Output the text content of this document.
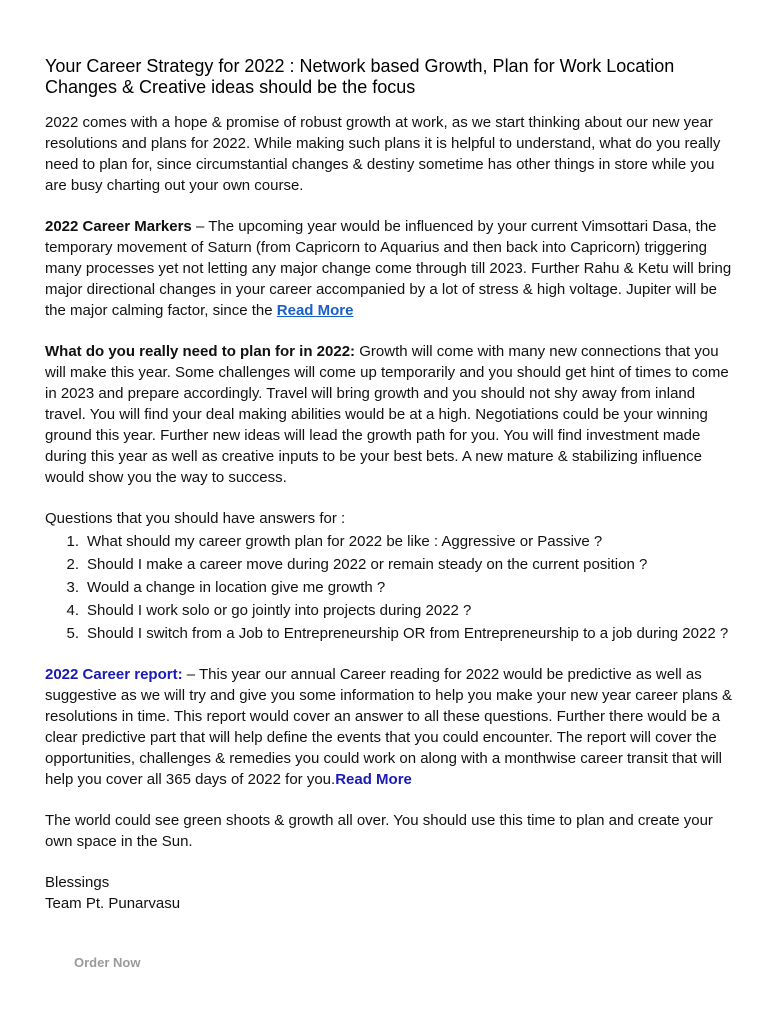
Your Career Strategy for 2022 : Network based Growth, Plan for Work Location Changes & Creative ideas should be the focus

2022 comes with a hope & promise of robust growth at work, as we start thinking about our new year resolutions and plans for 2022. While making such plans it is helpful to understand, what do you really need to plan for, since circumstantial changes & destiny sometime has other things in store while you are busy charting out your own course.

2022 Career Markers – The upcoming year would be influenced by your current Vimsottari Dasa, the temporary movement of Saturn (from Capricorn to Aquarius and then back into Capricorn) triggering many processes yet not letting any major change come through till 2023. Further Rahu & Ketu will bring major directional changes in your career accompanied by a lot of stress & high voltage. Jupiter will be the major calming factor, since the Read More

What do you really need to plan for in 2022: Growth will come with many new connections that you will make this year. Some challenges will come up temporarily and you should get hint of times to come in 2023 and prepare accordingly. Travel will bring growth and you should not shy away from inland travel. You will find your deal making abilities would be at a high. Negotiations could be your winning ground this year. Further new ideas will lead the growth path for you. You will find investment made during this year as well as creative inputs to be your best bets. A new mature & stabilizing influence would show you the way to success.

Questions that you should have answers for :
1. What should my career growth plan for 2022 be like : Aggressive or Passive ?
2. Should I make a career move during 2022 or remain steady on the current position ?
3. Would a change in location give me growth ?
4. Should I work solo or go jointly into projects during 2022 ?
5. Should I switch from a Job to Entrepreneurship OR from Entrepreneurship to a job during 2022 ?

2022 Career report: – This year our annual Career reading for 2022 would be predictive as well as suggestive as we will try and give you some information to help you make your new year career plans & resolutions in time. This report would cover an answer to all these questions. Further there would be a clear predictive part that will help define the events that you could encounter. The report will cover the opportunities, challenges & remedies you could work on along with a monthwise career transit that will help you cover all 365 days of 2022 for you.Read More

The world could see green shoots & growth all over. You should use this time to plan and create your own space in the Sun.

Blessings
Team Pt. Punarvasu
Order Now
